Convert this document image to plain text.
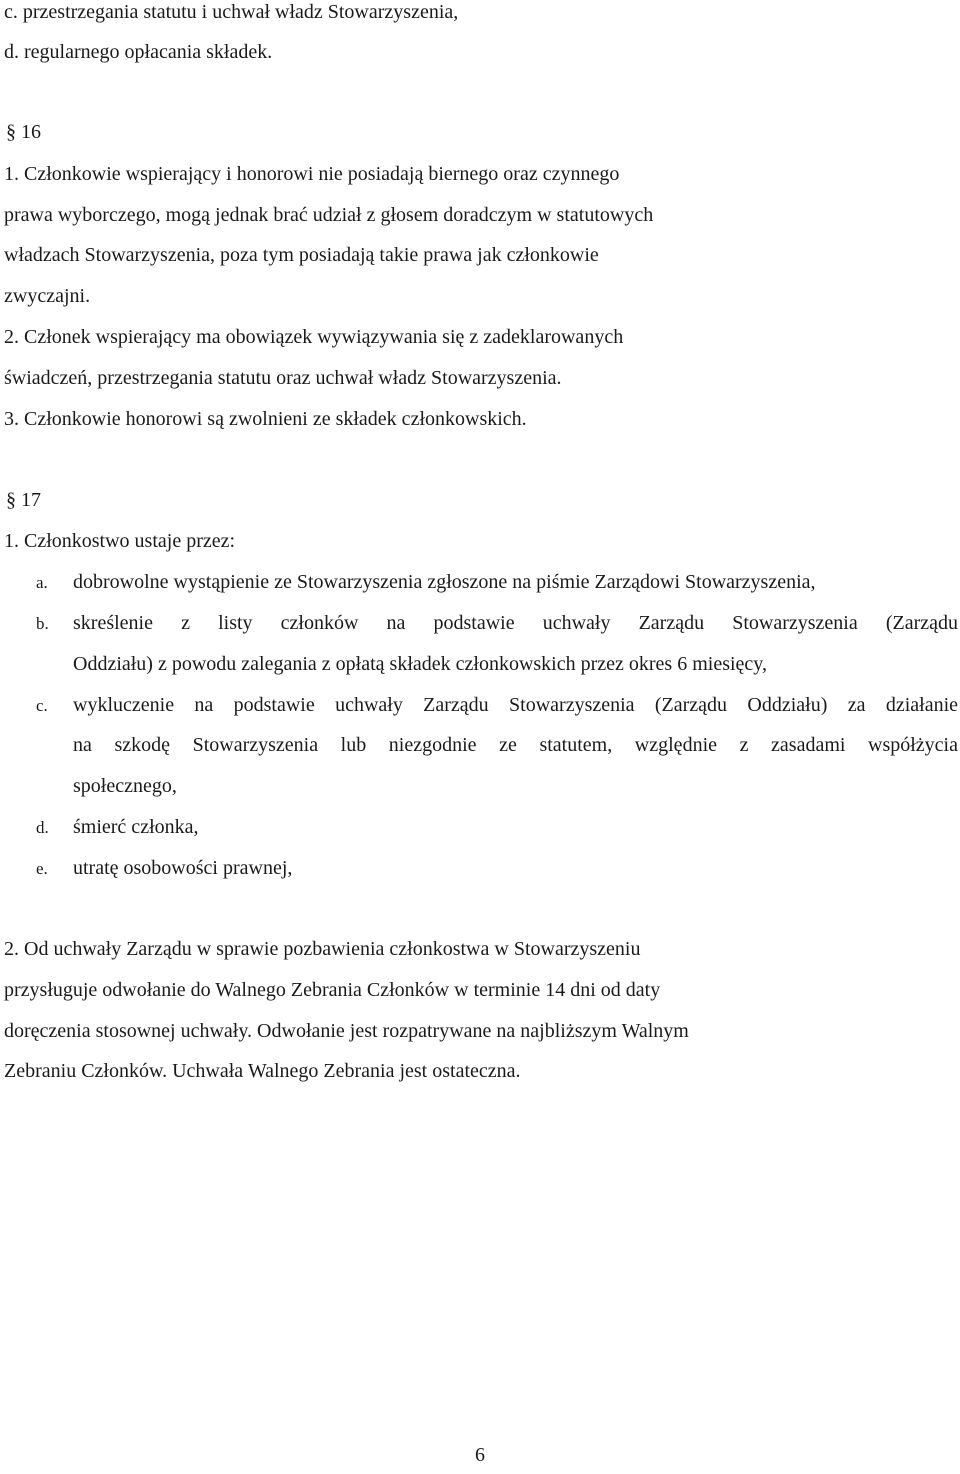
c. przestrzegania statutu i uchwał władz Stowarzyszenia,
d. regularnego opłacania składek.
§ 16
1. Członkowie wspierający i honorowi nie posiadają biernego oraz czynnego
prawa wyborczego, mogą jednak brać udział z głosem doradczym w statutowych
władzach Stowarzyszenia, poza tym posiadają takie prawa jak członkowie
zwyczajni.
2. Członek wspierający ma obowiązek wywiązywania się z zadeklarowanych
świadczeń, przestrzegania statutu oraz uchwał władz Stowarzyszenia.
3. Członkowie honorowi są zwolnieni ze składek członkowskich.
§ 17
1. Członkostwo ustaje przez:
a. dobrowolne wystąpienie ze Stowarzyszenia zgłoszone na piśmie Zarządowi Stowarzyszenia,
b. skreślenie z listy członków na podstawie uchwały Zarządu Stowarzyszenia (Zarządu
Oddziału) z powodu zalegania z opłatą składek członkowskich przez okres 6 miesięcy,
c. wykluczenie na podstawie uchwały Zarządu Stowarzyszenia (Zarządu Oddziału) za działanie
na szkodę Stowarzyszenia lub niezgodnie ze statutem, względnie z zasadami współżycia
społecznego,
d. śmierć członka,
e. utratę osobowości prawnej,
2. Od uchwały Zarządu w sprawie pozbawienia członkostwa w Stowarzyszeniu
przysługuje odwołanie do Walnego Zebrania Członków w terminie 14 dni od daty
doręczenia stosownej uchwały. Odwołanie jest rozpatrywane na najbliższym Walnym
Zebraniu Członków. Uchwała Walnego Zebrania jest ostateczna.
6
